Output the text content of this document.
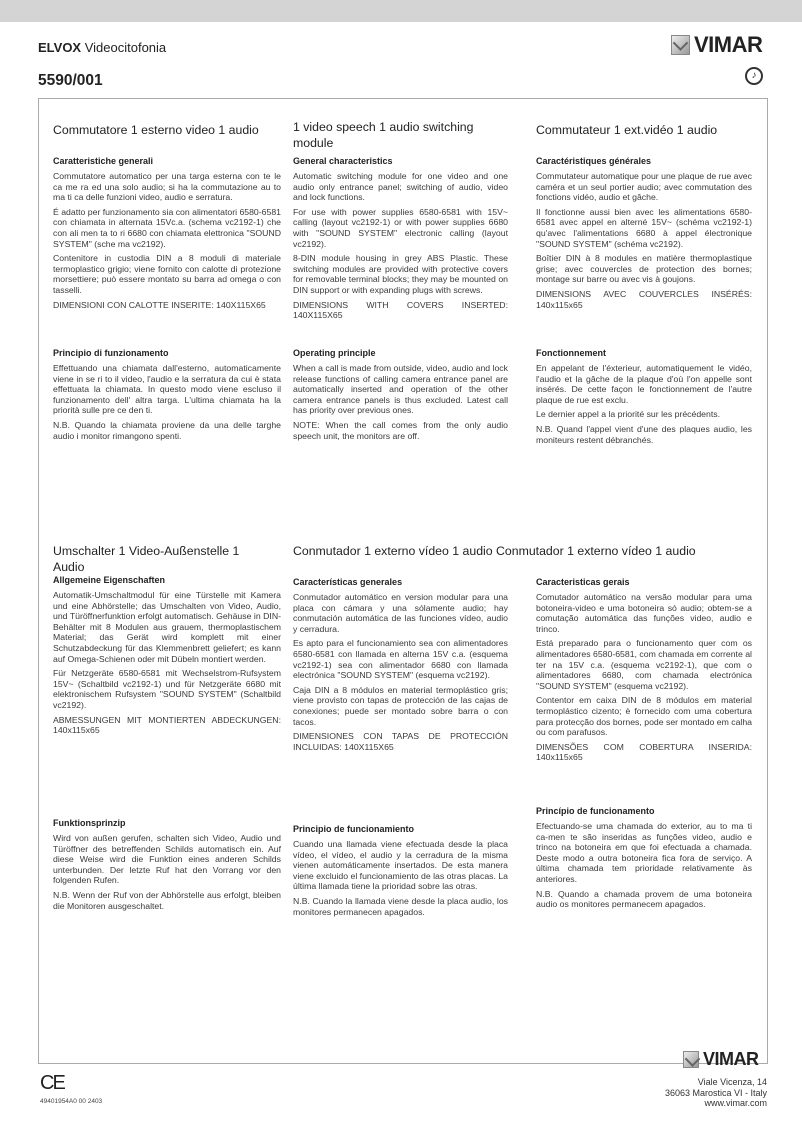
ELVOX Videocitofonia
5590/001
VIMAR
♪
Commutatore 1 esterno video 1 audio
Caratteristiche generali

Commutatore automatico per una targa esterna con te le ca me ra ed una solo audio; si ha la commutazione au to ma ti ca delle funzioni video, audio e serratura.

É adatto per funzionamento sia con alimentatori 6580-6581 con chiamata in alternata 15Vc.a. (schema vc2192-1) che con ali men ta to ri 6680 con chiamata elettronica "SOUND SYSTEM" (sche ma vc2192).

Contenitore in custodia DIN a 8 moduli di materiale termoplastico grigio; viene fornito con calotte di protezione morsettiere; può essere montato su barra ad omega o con tasselli.

DIMENSIONI CON CALOTTE INSERITE: 140X115X65

Principio di funzionamento

Effettuando una chiamata dall'esterno, automaticamente viene in se ri to il video, l'audio e la serratura da cui è stata effettuata la chiamata. In questo modo viene escluso il funzionamento dell' altra targa. L'ultima chiamata ha la priorità sulle pre ce den ti.

N.B. Quando la chiamata proviene da una delle targhe audio i monitor rimangono spenti.

1 video speech 1 audio switching module
General characteristics

Automatic switching module for one video and one audio only entrance panel; switching of audio, video and lock functions.

For use with power supplies 6580-6581 with 15V~ calling (layout vc2192-1) or with power supplies 6680 with "SOUND SYSTEM" electronic calling (layout vc2192).

8-DIN module housing in grey ABS Plastic. These switching modules are provided with protective covers for removable terminal blocks; they may be mounted on DIN support or with expanding plugs with screws.

DIMENSIONS WITH COVERS INSERTED: 140X115X65

Operating principle

When a call is made from outside, video, audio and lock release functions of calling camera entrance panel are automatically inserted and operation of the other camera entrance panels is thus excluded. Latest call has priority over previous ones.

NOTE: When the call comes from the only audio speech unit, the monitors are off.

Commutateur 1 ext.vidéo 1 audio
Caractéristiques générales

Commutateur automatique pour une plaque de rue avec caméra et un seul portier audio; avec commutation des fonctions vidéo, audio et gâche.

Il fonctionne aussi bien avec les alimentations 6580-6581 avec appel en alterné 15V~ (schéma vc2192-1) qu'avec l'alimentations 6680 à appel électronique "SOUND SYSTEM" (schéma vc2192).

Boîtier DIN à 8 modules en matière thermoplastique grise; avec couvercles de protection des bornes; montage sur barre ou avec vis à goujons.

DIMENSIONS AVEC COUVERCLES INSÉRÉS: 140x115x65

Fonctionnement

En appelant de l'éxterieur, automatiquement le vidéo, l'audio et la gâche de la plaque d'où l'on appelle sont insérés. De cette façon le fonctionnement de l'autre plaque de rue est exclu.

Le dernier appel a la priorité sur les précédents.

N.B. Quand l'appel vient d'une des plaques audio, les moniteurs restent débranchés.

Umschalter 1 Video-Außenstelle 1 Audio
Allgemeine Eigenschaften

Automatik-Umschaltmodul für eine Türstelle mit Kamera und eine Abhörstelle; das Umschalten von Video, Audio, und Türöffnerfunktion erfolgt automatisch. Gehäuse in DIN-Behälter mit 8 Modulen aus grauem, thermoplastischem Material; das Gerät wird komplett mit einer Schutzabdeckung für das Klemmenbrett geliefert; es kann auf Omega-Schienen oder mit Dübeln montiert werden.

Für Netzgeräte 6580-6581 mit Wechselstrom-Rufsystem 15V~ (Schaltbild vc2192-1) und für Netzgeräte 6680 mit elektronischem Rufsystem "SOUND SYSTEM" (Schaltbild vc2192).

ABMESSUNGEN MIT MONTIERTEN ABDECKUNGEN: 140x115x65

Funktionsprinzip

Wird von außen gerufen, schalten sich Video, Audio und Türöffner des betreffenden Schilds automatisch ein. Auf diese Weise wird die Funktion eines anderen Schilds unterbunden. Der letzte Ruf hat den Vorrang vor den folgenden Rufen.

N.B. Wenn der Ruf von der Abhörstelle aus erfolgt, bleiben die Monitoren ausgeschaltet.

Conmutador 1 externo vídeo 1 audio Conmutador 1 externo vídeo 1 audio
Características generales

Conmutador automático en version modular para una placa con cámara y una sólamente audio; hay conmutación automática de las funciones vídeo, audio y cerradura.

Es apto para el funcionamiento sea con alimentadores 6580-6581 con llamada en alterna 15V c.a. (esquema vc2192-1) sea con alimentador 6680 con llamada electrónica "SOUND SYSTEM" (esquema vc2192).

Caja DIN a 8 módulos en material termoplástico gris; viene provisto con tapas de protección de las cajas de conexiones; puede ser montado sobre barra o con tacos.

DIMENSIONES CON TAPAS DE PROTECCIÓN INCLUIDAS: 140X115X65

Principio de funcionamiento

Cuando una llamada viene efectuada desde la placa vídeo, el vídeo, el audio y la cerradura de la misma vienen automáticamente insertados. De esta manera viene excluido el funcionamiento de las otras placas. La última llamada tiene la prioridad sobre las otras.

N.B. Cuando la llamada viene desde la placa audio, los monitores permanecen apagados.

Caracteristicas gerais

Comutador automático na versão modular para uma botoneira-video e uma botoneira só audio; obtem-se a comutação automática das funções video, audio e trinco.

Está preparado para o funcionamento quer com os alimentadores 6580-6581, com chamada em corrente al ter na 15V c.a. (esquema vc2192-1), que com o alimentadores 6680, com chamada electrónica "SOUND SYSTEM" (esquema vc2192).

Contentor em caixa DIN de 8 módulos em material termoplástico cizento; è fornecido com uma cobertura para protecção dos bornes, pode ser montado em calha ou com parafusos.

DIMENSÕES COM COBERTURA INSERIDA: 140x115x65

Princípio de funcionamento

Efectuando-se uma chamada do exterior, au to ma ti ca-men te são inseridas as funções video, audio e trinco na botoneira em que foi efectuada a chamada. Deste modo a outra botoneira fica fora de serviço. A última chamada tem prioridade relativamente às anteriores.

N.B. Quando a chamada provem de uma botoneira audio os monitores permanecem apagados.

CE
49401954A0 00 2403
VIMAR
Viale Vicenza, 14
36063 Marostica VI - Italy
www.vimar.com
